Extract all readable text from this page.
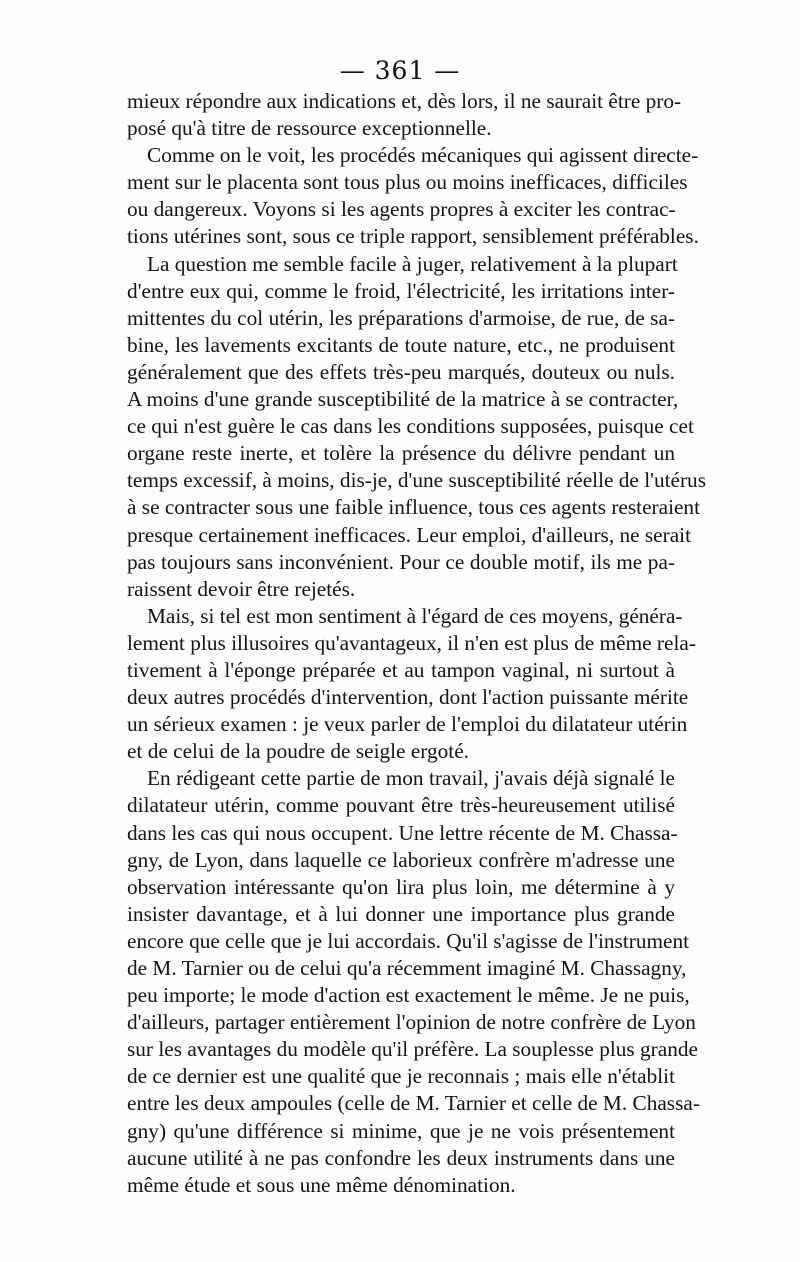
— 361 —

mieux répondre aux indications et, dès lors, il ne saurait être pro-
posé qu'à titre de ressource exceptionnelle.

Comme on le voit, les procédés mécaniques qui agissent directe-
ment sur le placenta sont tous plus ou moins inefficaces, difficiles
ou dangereux. Voyons si les agents propres à exciter les contrac-
tions utérines sont, sous ce triple rapport, sensiblement préférables.

La question me semble facile à juger, relativement à la plupart
d'entre eux qui, comme le froid, l'électricité, les irritations inter-
mittentes du col utérin, les préparations d'armoise, de rue, de sa-
bine, les lavements excitants de toute nature, etc., ne produisent
généralement que des effets très-peu marqués, douteux ou nuls.
A moins d'une grande susceptibilité de la matrice à se contracter,
ce qui n'est guère le cas dans les conditions supposées, puisque cet
organe reste inerte, et tolère la présence du délivre pendant un
temps excessif, à moins, dis-je, d'une susceptibilité réelle de l'utérus
à se contracter sous une faible influence, tous ces agents resteraient
presque certainement inefficaces. Leur emploi, d'ailleurs, ne serait
pas toujours sans inconvénient. Pour ce double motif, ils me pa-
raissent devoir être rejetés.

Mais, si tel est mon sentiment à l'égard de ces moyens, généra-
lement plus illusoires qu'avantageux, il n'en est plus de même rela-
tivement à l'éponge préparée et au tampon vaginal, ni surtout à
deux autres procédés d'intervention, dont l'action puissante mérite
un sérieux examen : je veux parler de l'emploi du dilatateur utérin
et de celui de la poudre de seigle ergoté.

En rédigeant cette partie de mon travail, j'avais déjà signalé le
dilatateur utérin, comme pouvant être très-heureusement utilisé
dans les cas qui nous occupent. Une lettre récente de M. Chassa-
gny, de Lyon, dans laquelle ce laborieux confrère m'adresse une
observation intéressante qu'on lira plus loin, me détermine à y
insister davantage, et à lui donner une importance plus grande
encore que celle que je lui accordais. Qu'il s'agisse de l'instrument
de M. Tarnier ou de celui qu'a récemment imaginé M. Chassagny,
peu importe; le mode d'action est exactement le même. Je ne puis,
d'ailleurs, partager entièrement l'opinion de notre confrère de Lyon
sur les avantages du modèle qu'il préfère. La souplesse plus grande
de ce dernier est une qualité que je reconnais ; mais elle n'établit
entre les deux ampoules (celle de M. Tarnier et celle de M. Chassa-
gny) qu'une différence si minime, que je ne vois présentement
aucune utilité à ne pas confondre les deux instruments dans une
même étude et sous une même dénomination.
